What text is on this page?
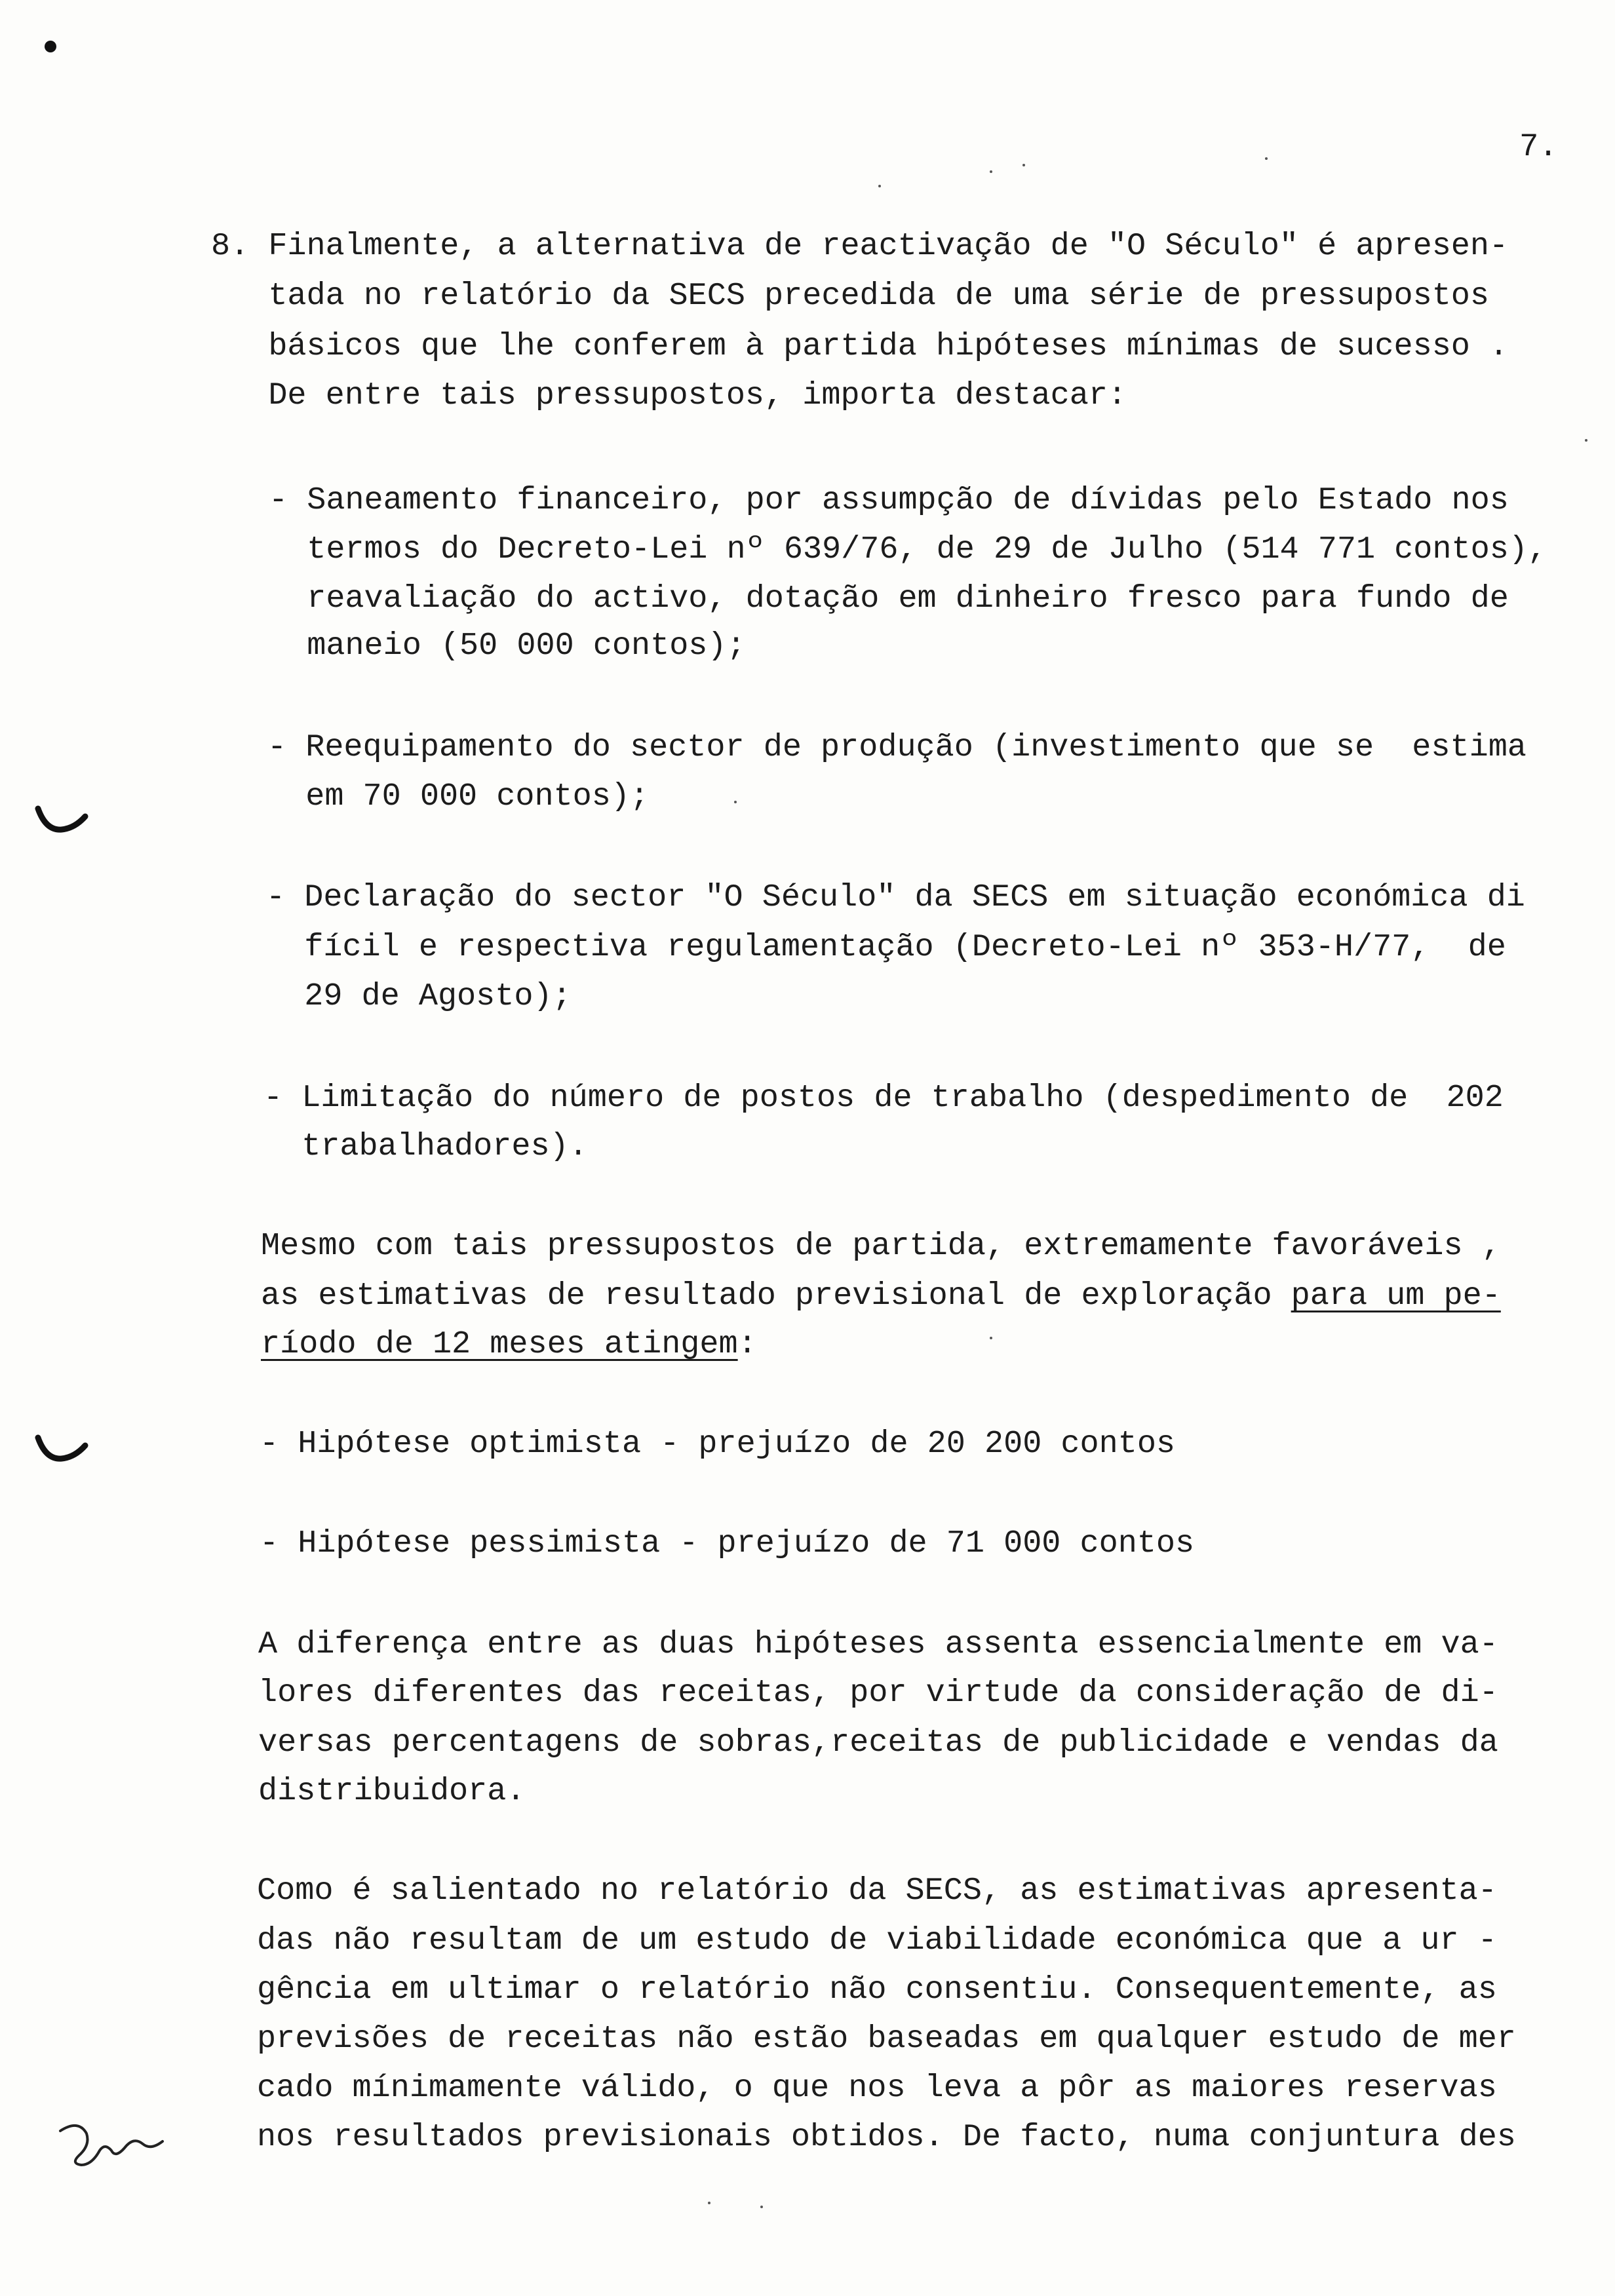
7.
8. Finalmente, a alternativa de reactivação de "O Século" é apresen-
tada no relatório da SECS precedida de uma série de pressupostos
básicos que lhe conferem à partida hipóteses mínimas de sucesso .
De entre tais pressupostos, importa destacar:
- Saneamento financeiro, por assumpção de dívidas pelo Estado nos
termos do Decreto-Lei nº 639/76, de 29 de Julho (514 771 contos),
reavaliação do activo, dotação em dinheiro fresco para fundo de
maneio (50 000 contos);
- Reequipamento do sector de produção (investimento que se  estima
em 70 000 contos);
- Declaração do sector "O Século" da SECS em situação económica di
fícil e respectiva regulamentação (Decreto-Lei nº 353-H/77,  de
29 de Agosto);
- Limitação do número de postos de trabalho (despedimento de  202
trabalhadores).
Mesmo com tais pressupostos de partida, extremamente favoráveis ,
as estimativas de resultado previsional de exploração para um pe-
ríodo de 12 meses atingem:
- Hipótese optimista - prejuízo de 20 200 contos
- Hipótese pessimista - prejuízo de 71 000 contos
A diferença entre as duas hipóteses assenta essencialmente em va-
lores diferentes das receitas, por virtude da consideração de di-
versas percentagens de sobras,receitas de publicidade e vendas da
distribuidora.
Como é salientado no relatório da SECS, as estimativas apresenta-
das não resultam de um estudo de viabilidade económica que a ur -
gência em ultimar o relatório não consentiu. Consequentemente, as
previsões de receitas não estão baseadas em qualquer estudo de mer
cado mínimamente válido, o que nos leva a pôr as maiores reservas
nos resultados previsionais obtidos. De facto, numa conjuntura des
